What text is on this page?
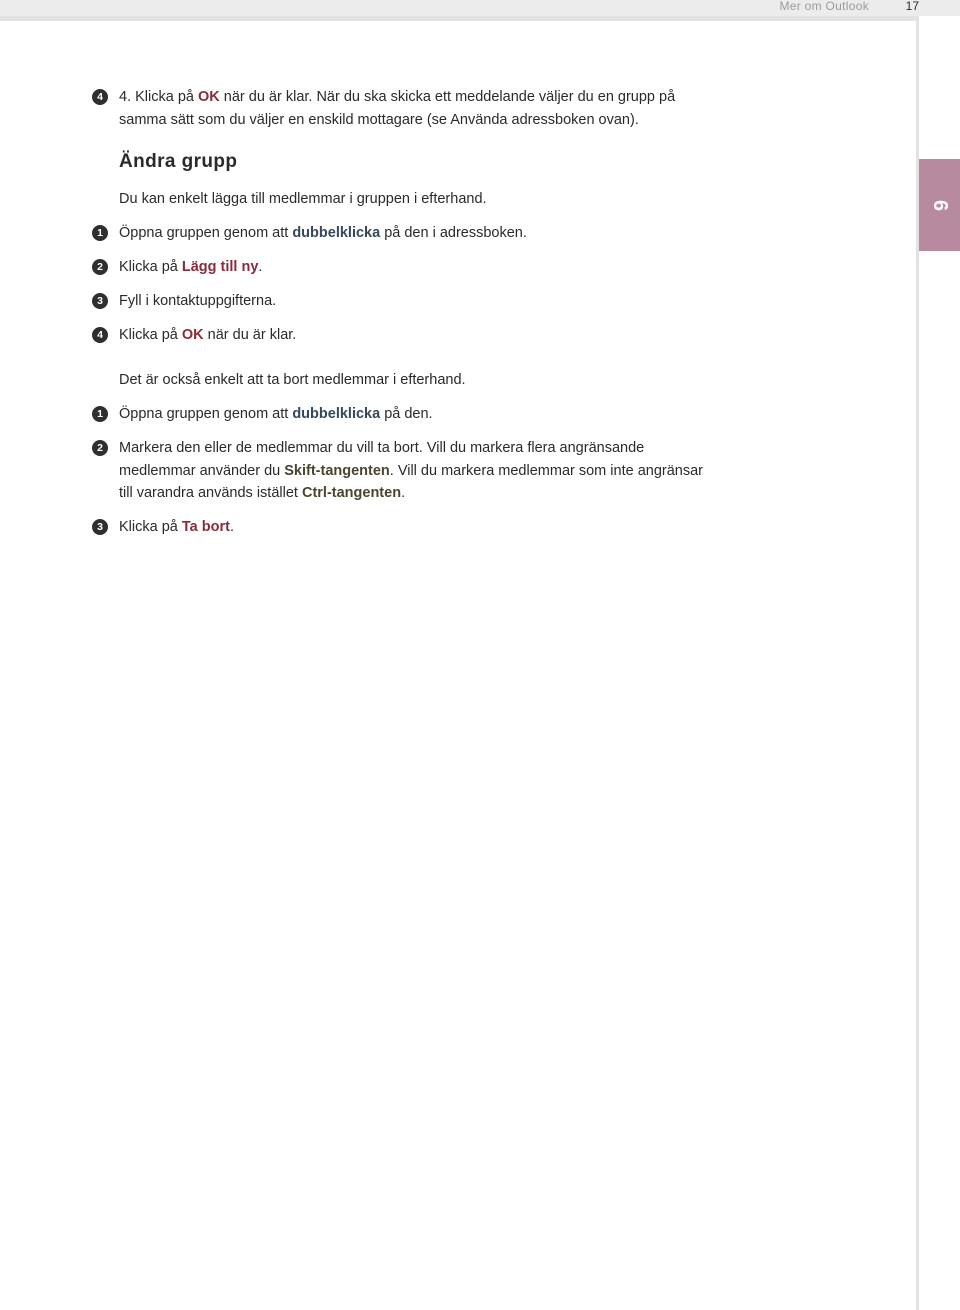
Mer om Outlook	17
6
4	4. Klicka på OK när du är klar. När du ska skicka ett meddelande väljer du en grupp på samma sätt som du väljer en enskild mottagare (se Använda adressboken ovan).
Ändra grupp
Du kan enkelt lägga till medlemmar i gruppen i efterhand.
1	Öppna gruppen genom att dubbelklicka på den i adressboken.
2	Klicka på Lägg till ny.
3	Fyll i kontaktuppgifterna.
4	Klicka på OK när du är klar.
Det är också enkelt att ta bort medlemmar i efterhand.
1	Öppna gruppen genom att dubbelklicka på den.
2	Markera den eller de medlemmar du vill ta bort. Vill du markera flera angränsande medlemmar använder du Skift-tangenten. Vill du markera medlemmar som inte angränsar till varandra används istället Ctrl-tangenten.
3	Klicka på Ta bort.
